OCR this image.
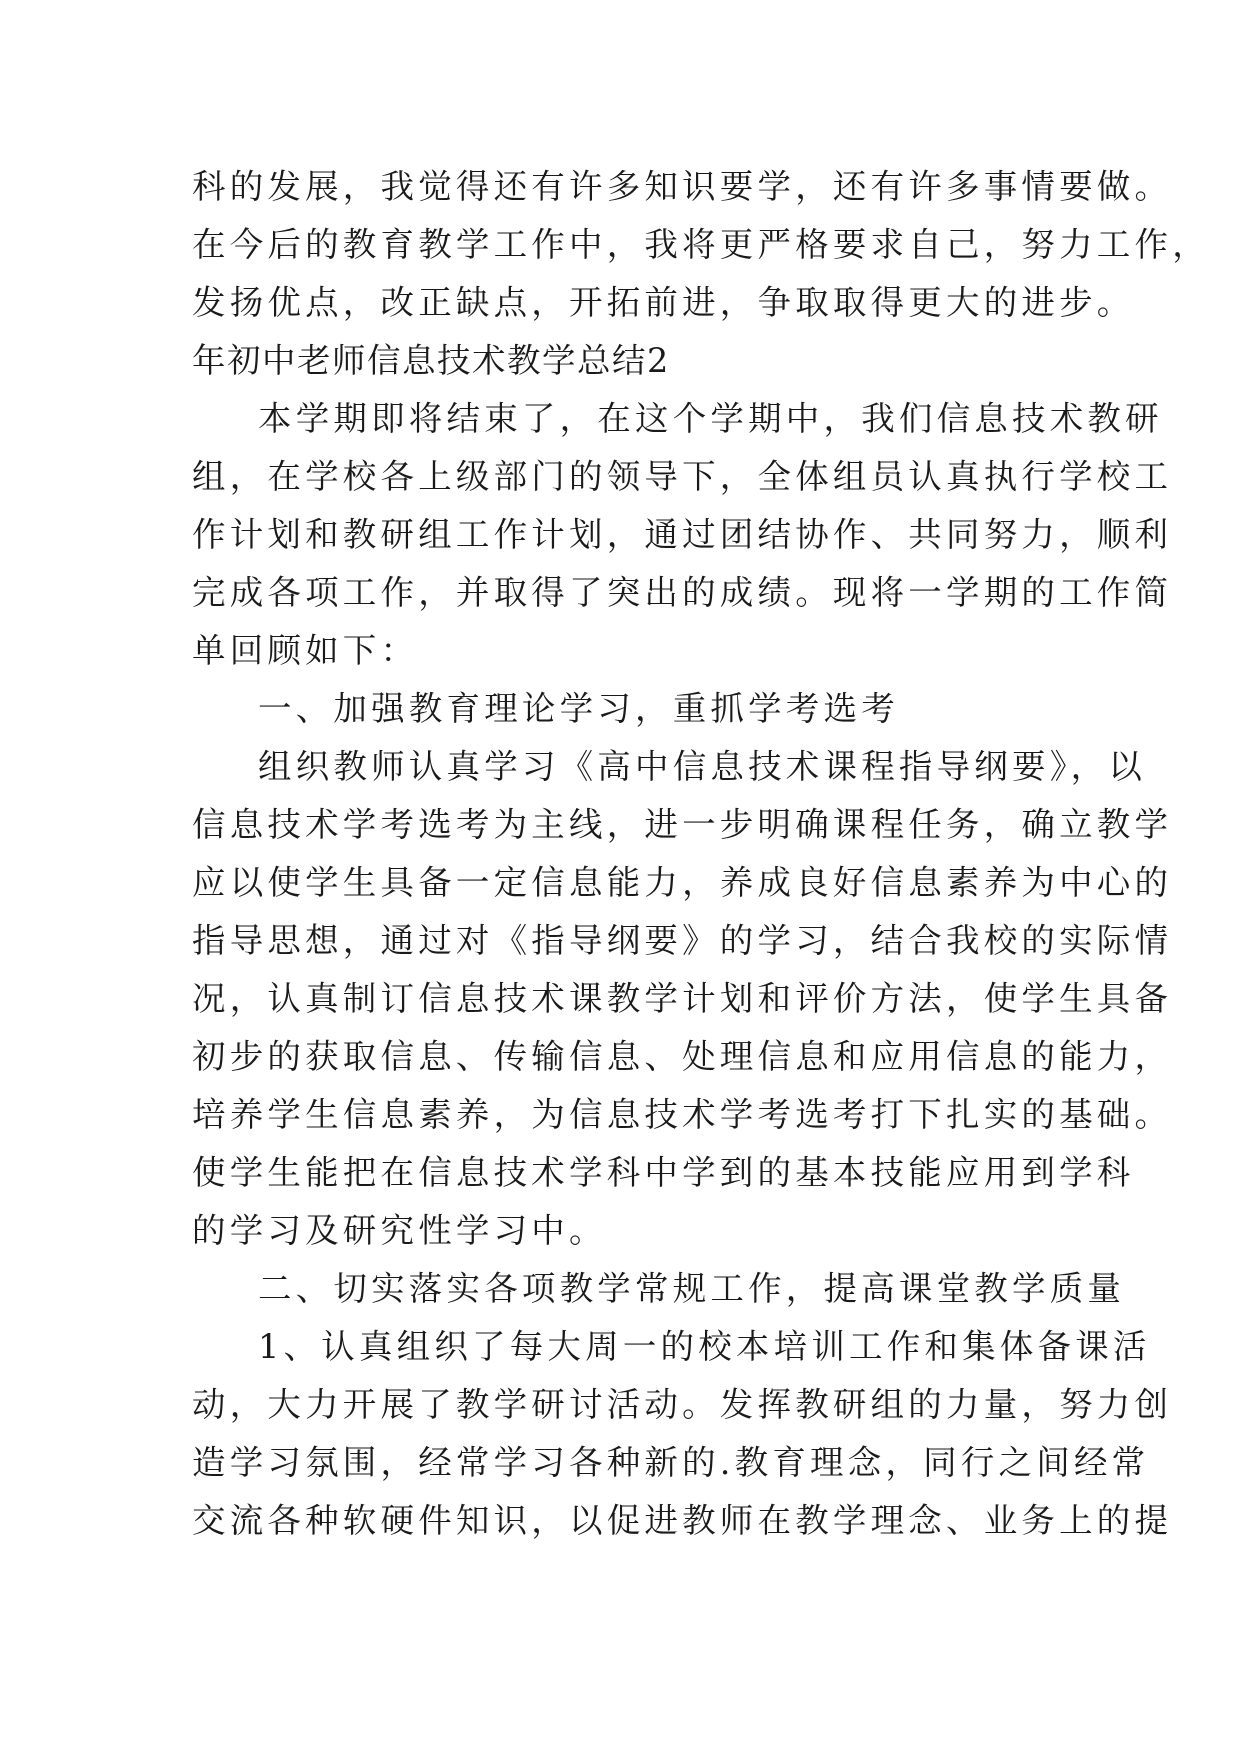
科的发展，我觉得还有许多知识要学，还有许多事情要做。
在今后的教育教学工作中，我将更严格要求自己，努力工作，
发扬优点，改正缺点，开拓前进，争取取得更大的进步。
年初中老师信息技术教学总结2
本学期即将结束了，在这个学期中，我们信息技术教研
组，在学校各上级部门的领导下，全体组员认真执行学校工
作计划和教研组工作计划，通过团结协作、共同努力，顺利
完成各项工作，并取得了突出的成绩。现将一学期的工作简
单回顾如下：
一、加强教育理论学习，重抓学考选考
组织教师认真学习《高中信息技术课程指导纲要》，以
信息技术学考选考为主线，进一步明确课程任务，确立教学
应以使学生具备一定信息能力，养成良好信息素养为中心的
指导思想，通过对《指导纲要》的学习，结合我校的实际情
况，认真制订信息技术课教学计划和评价方法，使学生具备
初步的获取信息、传输信息、处理信息和应用信息的能力，
培养学生信息素养，为信息技术学考选考打下扎实的基础。
使学生能把在信息技术学科中学到的基本技能应用到学科
的学习及研究性学习中。
二、切实落实各项教学常规工作，提高课堂教学质量
1、认真组织了每大周一的校本培训工作和集体备课活
动，大力开展了教学研讨活动。发挥教研组的力量，努力创
造学习氛围，经常学习各种新的.教育理念，同行之间经常
交流各种软硬件知识，以促进教师在教学理念、业务上的提
